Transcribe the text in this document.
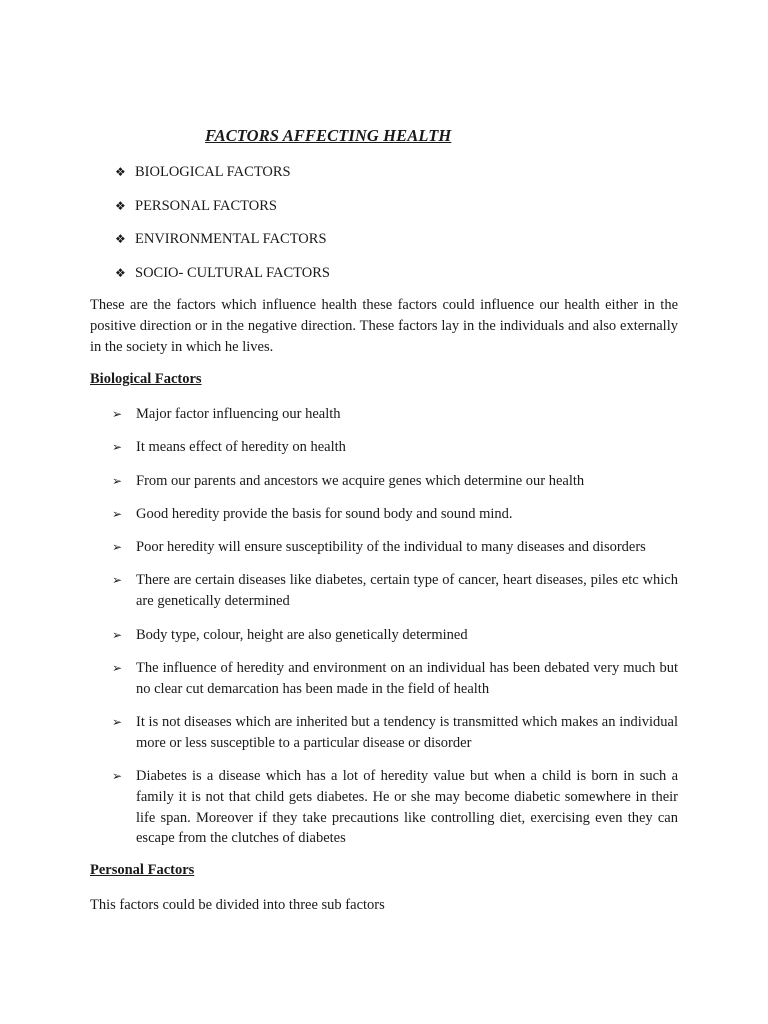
FACTORS AFFECTING HEALTH
❖ BIOLOGICAL FACTORS
❖ PERSONAL FACTORS
❖ ENVIRONMENTAL FACTORS
❖ SOCIO- CULTURAL FACTORS

These are the factors which influence health these factors could influence our health either in the positive direction or in the negative direction. These factors lay in the individuals and also externally in the society in which he lives.

Biological Factors
➢ Major factor influencing our health
➢ It means effect of heredity on health
➢ From our parents and ancestors we acquire genes which determine our health
➢ Good heredity provide the basis for sound body and sound mind.
➢ Poor heredity will ensure susceptibility of the individual to many diseases and disorders
➢ There are certain diseases like diabetes, certain type of cancer, heart diseases, piles etc which are genetically determined
➢ Body type, colour, height are also genetically determined
➢ The influence of heredity and environment on an individual has been debated very much but no clear cut demarcation has been made in the field of health
➢ It is not diseases which are inherited but a tendency is transmitted which makes an individual more or less susceptible to a particular disease or disorder
➢ Diabetes is a disease which has a lot of heredity value but when a child is born in such a family it is not that child gets diabetes. He or she may become diabetic somewhere in their life span. Moreover if they take precautions like controlling diet, exercising even they can escape from the clutches of diabetes
Personal Factors

This factors could be divided into three sub factors
